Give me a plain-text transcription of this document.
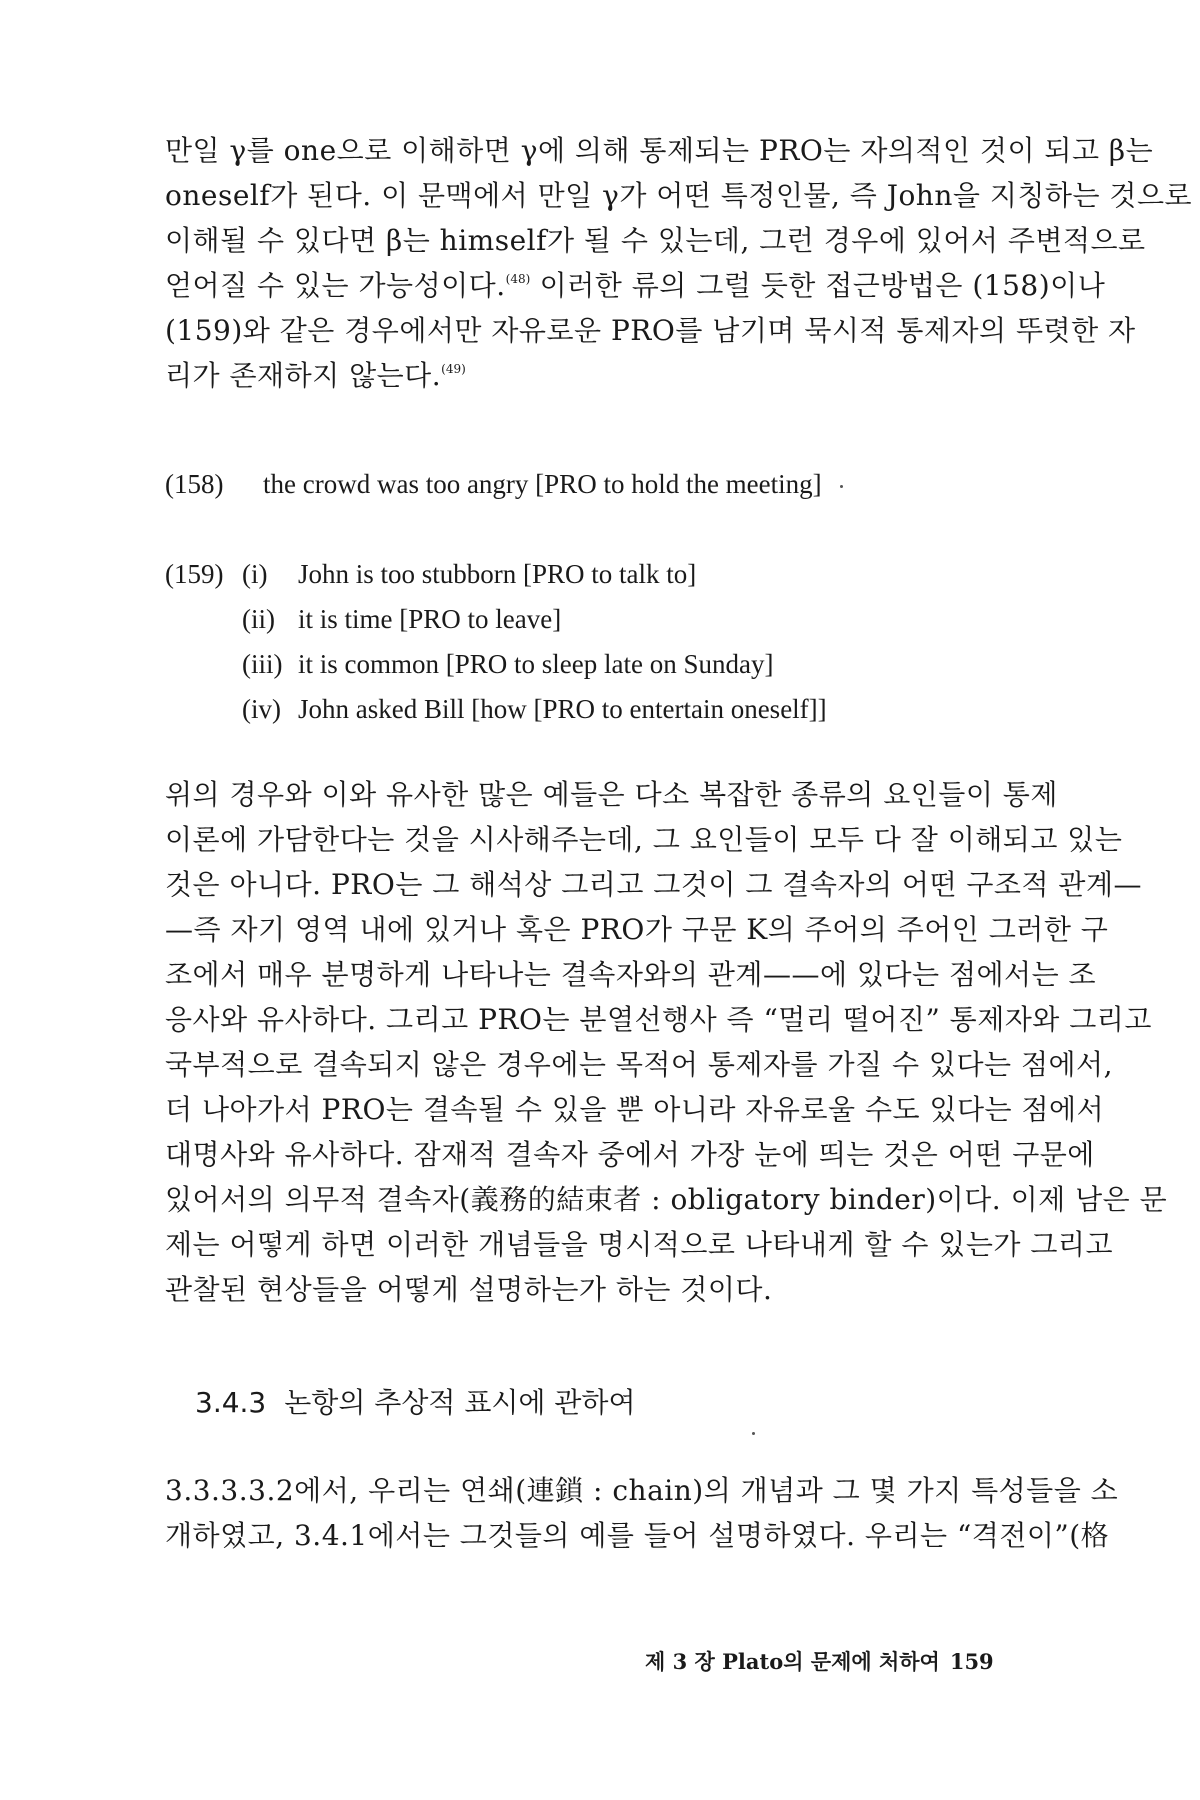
만일 γ를 one으로 이해하면 γ에 의해 통제되는 PRO는 자의적인 것이 되고 β는
oneself가 된다. 이 문맥에서 만일 γ가 어떤 특정인물, 즉 John을 지칭하는 것으로
이해될 수 있다면 β는 himself가 될 수 있는데, 그런 경우에 있어서 주변적으로
얻어질 수 있는 가능성이다.$^{(48)}$ 이러한 류의 그럴 듯한 접근방법은 (158)이나
(159)와 같은 경우에서만 자유로운 PRO를 남기며 묵시적 통제자의 뚜렷한 자
리가 존재하지 않는다.$^{(49)}$
(158) the crowd was too angry [PRO to hold the meeting]
(159) (i) John is too stubborn [PRO to talk to]
(ii) it is time [PRO to leave]
(iii) it is common [PRO to sleep late on Sunday]
(iv) John asked Bill [how [PRO to entertain oneself]]
위의 경우와 이와 유사한 많은 예들은 다소 복잡한 종류의 요인들이 통제
이론에 가담한다는 것을 시사해주는데, 그 요인들이 모두 다 잘 이해되고 있는
것은 아니다. PRO는 그 해석상 그리고 그것이 그 결속자의 어떤 구조적 관계—
—즉 자기 영역 내에 있거나 혹은 PRO가 구문 K의 주어의 주어인 그러한 구
조에서 매우 분명하게 나타나는 결속자와의 관계——에 있다는 점에서는 조
응사와 유사하다. 그리고 PRO는 분열선행사 즉 “멀리 떨어진” 통제자와 그리고
국부적으로 결속되지 않은 경우에는 목적어 통제자를 가질 수 있다는 점에서,
더 나아가서 PRO는 결속될 수 있을 뿐 아니라 자유로울 수도 있다는 점에서
대명사와 유사하다. 잠재적 결속자 중에서 가장 눈에 띄는 것은 어떤 구문에
있어서의 의무적 결속자(義務的結束者 : obligatory binder)이다. 이제 남은 문
제는 어떻게 하면 이러한 개념들을 명시적으로 나타내게 할 수 있는가 그리고
관찰된 현상들을 어떻게 설명하는가 하는 것이다.
3.4.3 논항의 추상적 표시에 관하여
3.3.3.3.2에서, 우리는 연쇄(連鎖 : chain)의 개념과 그 몇 가지 특성들을 소
개하였고, 3.4.1에서는 그것들의 예를 들어 설명하였다. 우리는 “격전이”(格
제 3 장 Plato의 문제에 처하여 159
